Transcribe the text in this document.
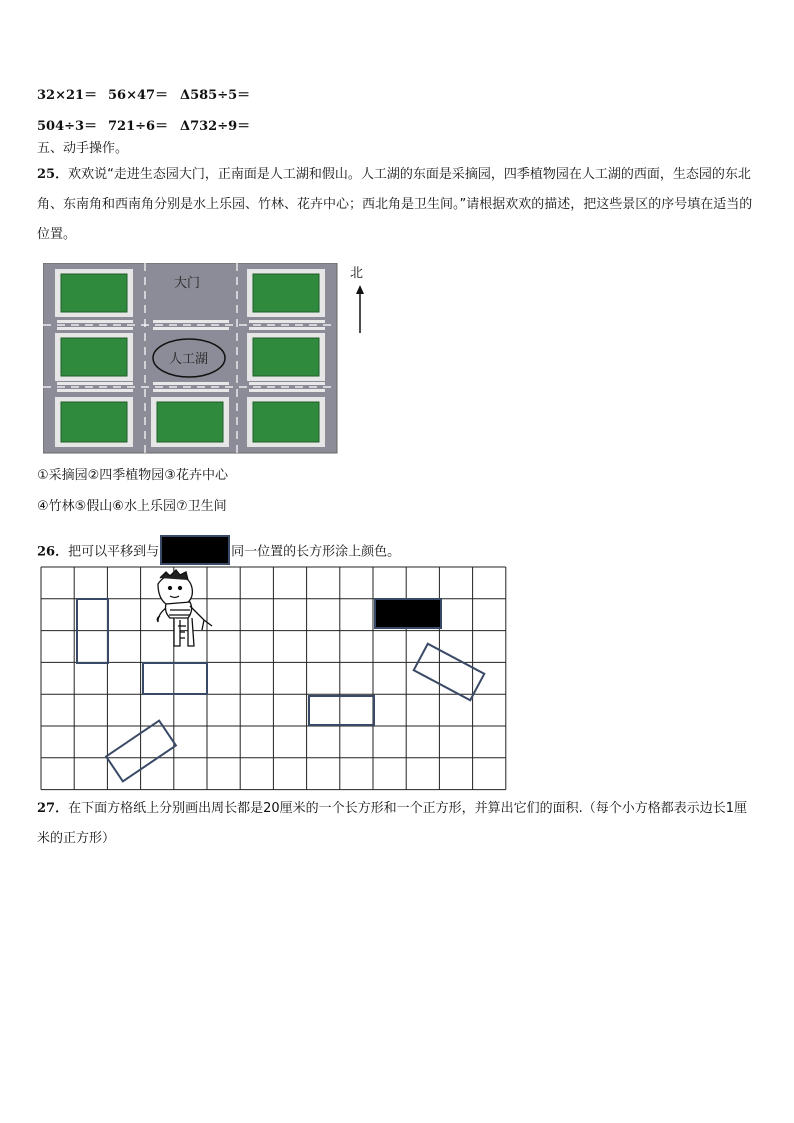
32×21＝ 56×47＝ Δ585÷5＝
504÷3＝ 721÷6＝ Δ732÷9＝
五、动手操作。
25．欢欢说“走进生态园大门，正南面是人工湖和假山。人工湖的东面是采摘园，四季植物园在人工湖的西面，生态园的东北角、东南角和西南角分别是水上乐园、竹林、花卉中心；西北角是卫生间。”请根据欢欢的描述，把这些景区的序号填在适当的位置。
大门
人工湖
北
①采摘园②四季植物园③花卉中心
④竹林⑤假山⑥水上乐园⑦卫生间
26．把可以平移到与	同一位置的长方形涂上颜色。
27．在下面方格纸上分别画出周长都是20厘米的一个长方形和一个正方形，并算出它们的面积.（每个小方格都表示边长1厘米的正方形）
